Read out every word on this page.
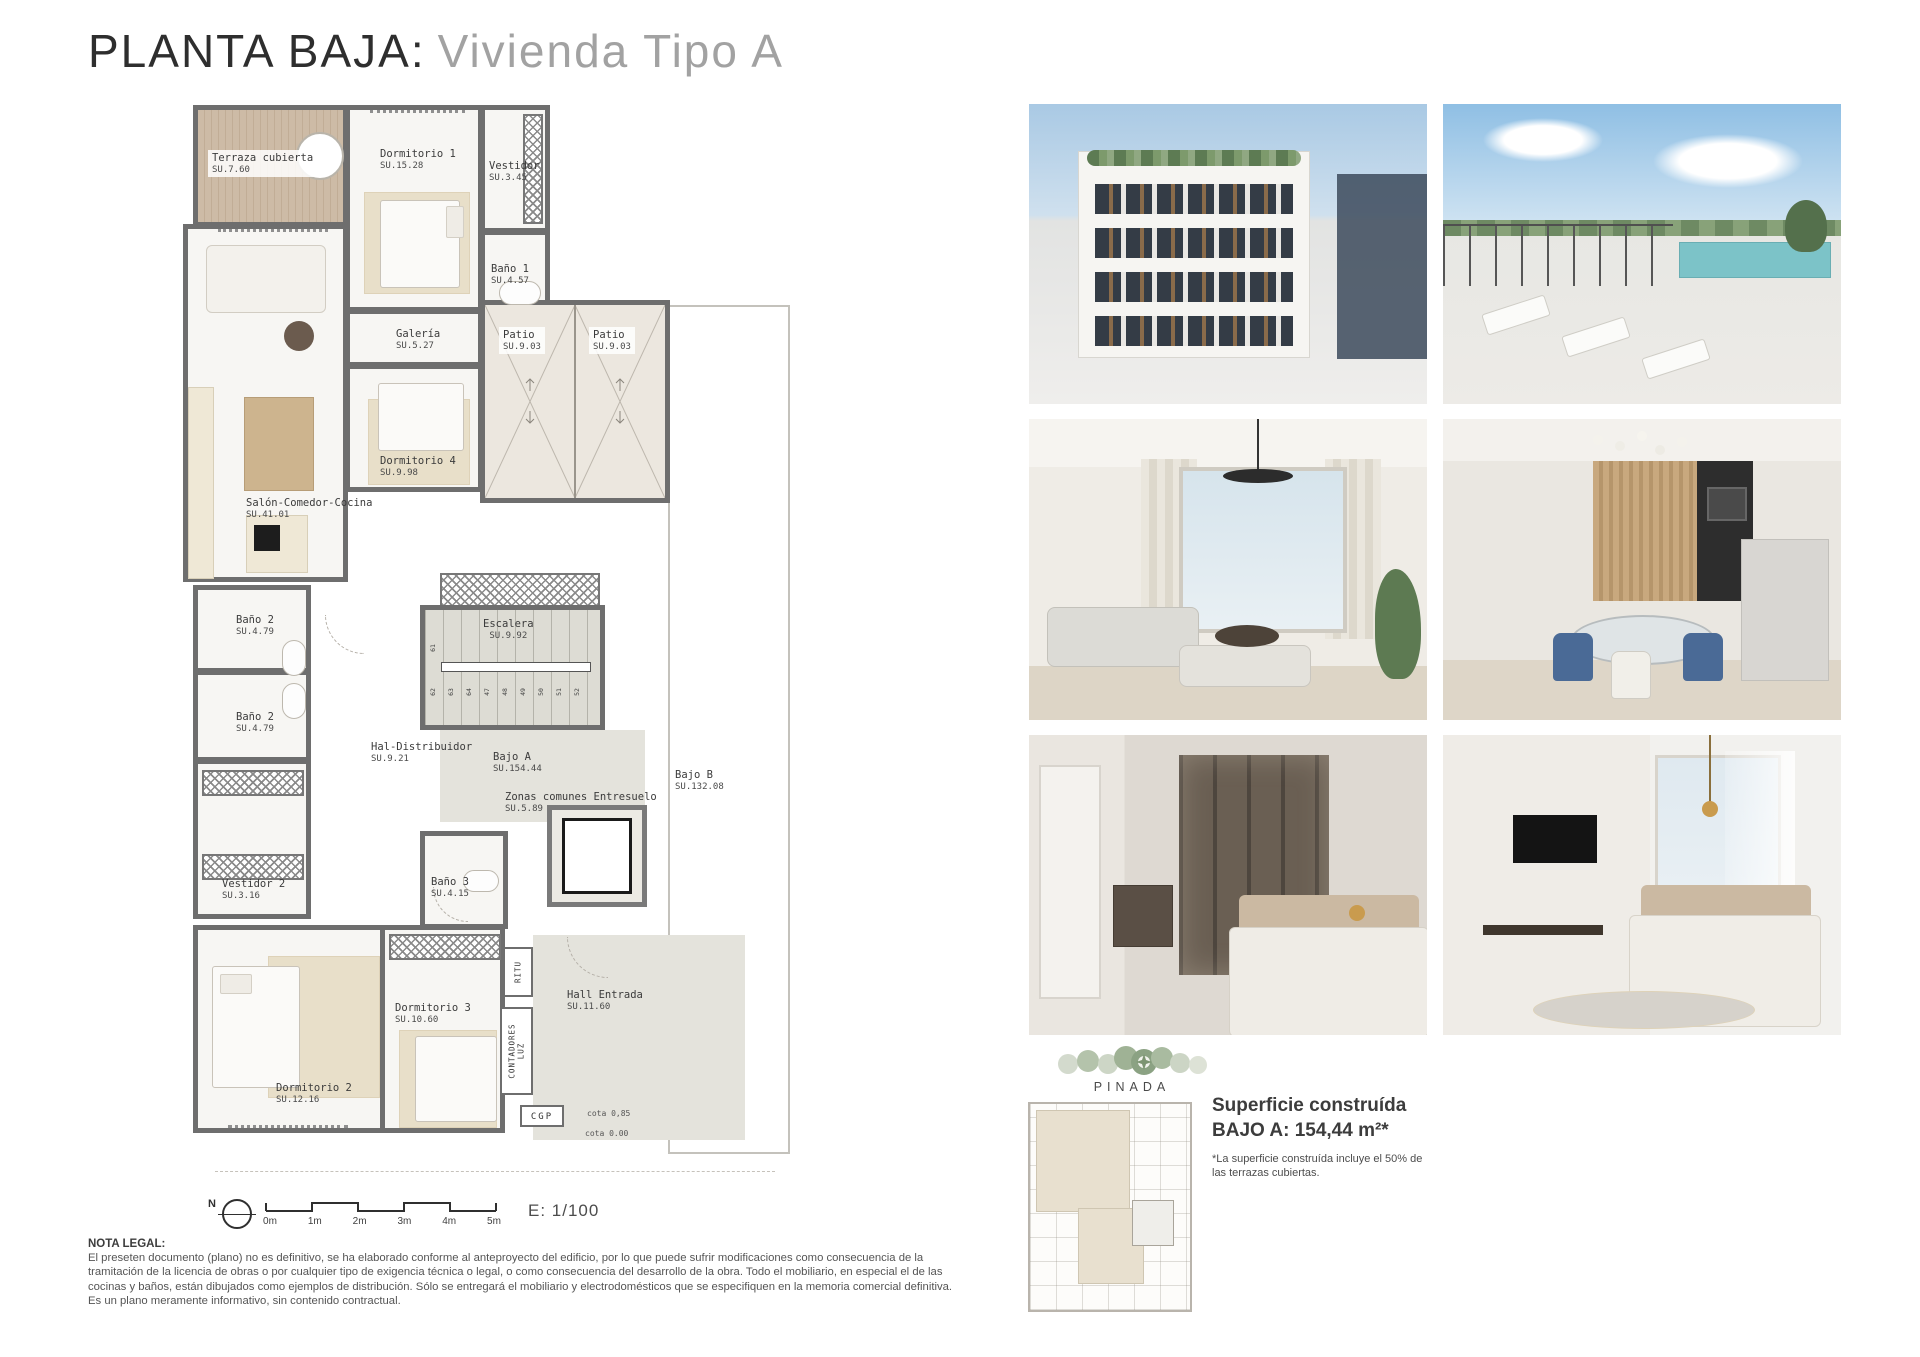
PLANTA BAJA: Vivienda Tipo A
Terraza cubierta
SU.7.60
Dormitorio 1
SU.15.28	Vestidor
SU.3.45
Baño 1
SU.4.57
Salón-Comedor-Cocina
SU.41.01
Galería
SU.5.27
Dormitorio 4
SU.9.98
Patio
SU.9.03
Patio
SU.9.03
Escalera
SU.9.92
61
62 63 64 47 48 49 50 51 52
Baño 2
SU.4.79
Baño 2
SU.4.79
Hal-Distribuidor
SU.9.21
Vestidor 2
SU.3.16
Baño 3
SU.4.15
Dormitorio 2
SU.12.16
Dormitorio 3
SU.10.60
Bajo A
SU.154.44
Zonas comunes Entresuelo
SU.5.89
Bajo B
SU.132.08
Hall Entrada
SU.11.60
RITU
CONTADORES
LUZ
CGP	cota 0,85
cota 0.00
N
0m	1m	2m	3m	4m	5m
E: 1/100
PINADA
Superficie construída
BAJO A: 154,44 m²*
*La superficie construída incluye el 50% de las terrazas cubiertas.
NOTA LEGAL:

El preseten documento (plano) no es definitivo, se ha elaborado conforme al anteproyecto del edificio, por lo que puede sufrir modificaciones como consecuencia de la tramitación de la licencia de obras o por cualquier tipo de exigencia técnica o legal, o como consecuencia del desarrollo de la obra. Todo el mobiliario, en especial el de las cocinas y baños, están dibujados como ejemplos de distribución. Sólo se entregará el mobiliario y electrodomésticos que se especifiquen en la memoria comercial definitiva. Es un plano meramente informativo, sin contenido contractual.
